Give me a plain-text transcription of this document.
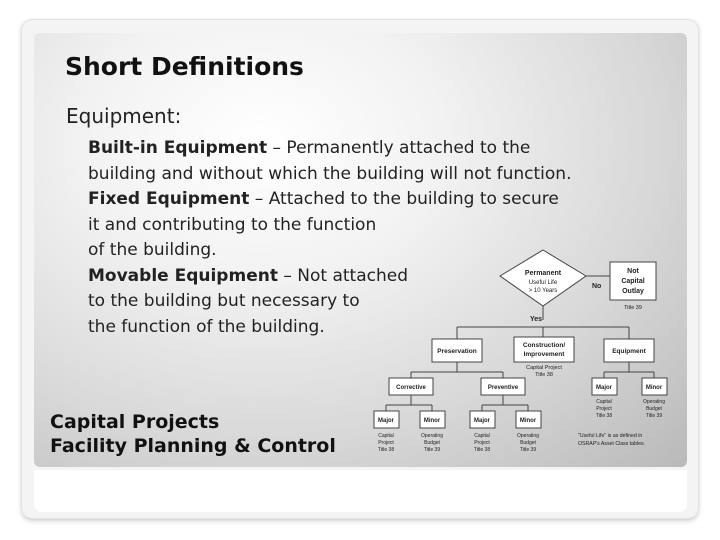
Short Definitions
Equipment:
Built-in Equipment – Permanently attached to the
building and without which the building will not function.
Fixed Equipment – Attached to the building to secure
it and contributing to the function
of the building.
Movable Equipment – Not attached
to the building but necessary to
the function of the building.
Capital Projects
Facility Planning & Control
Permanent
Useful Life
> 10 Years
No
Yes
Not
Capital
Outlay
Title 39
Preservation
Construction/
Improvement
Capital Project
Title 38
Equipment
Corrective	Preventive	Major	Minor
Capital
Project
Title 38
Operating
Budget
Title 39
Major	Minor	Major	Minor
Capital
Project
Title 38
Operating
Budget
Title 39
Capital
Project
Title 38
Operating
Budget
Title 39
"Useful Life" is as defined in
OSRAP's Asset Class tables.
